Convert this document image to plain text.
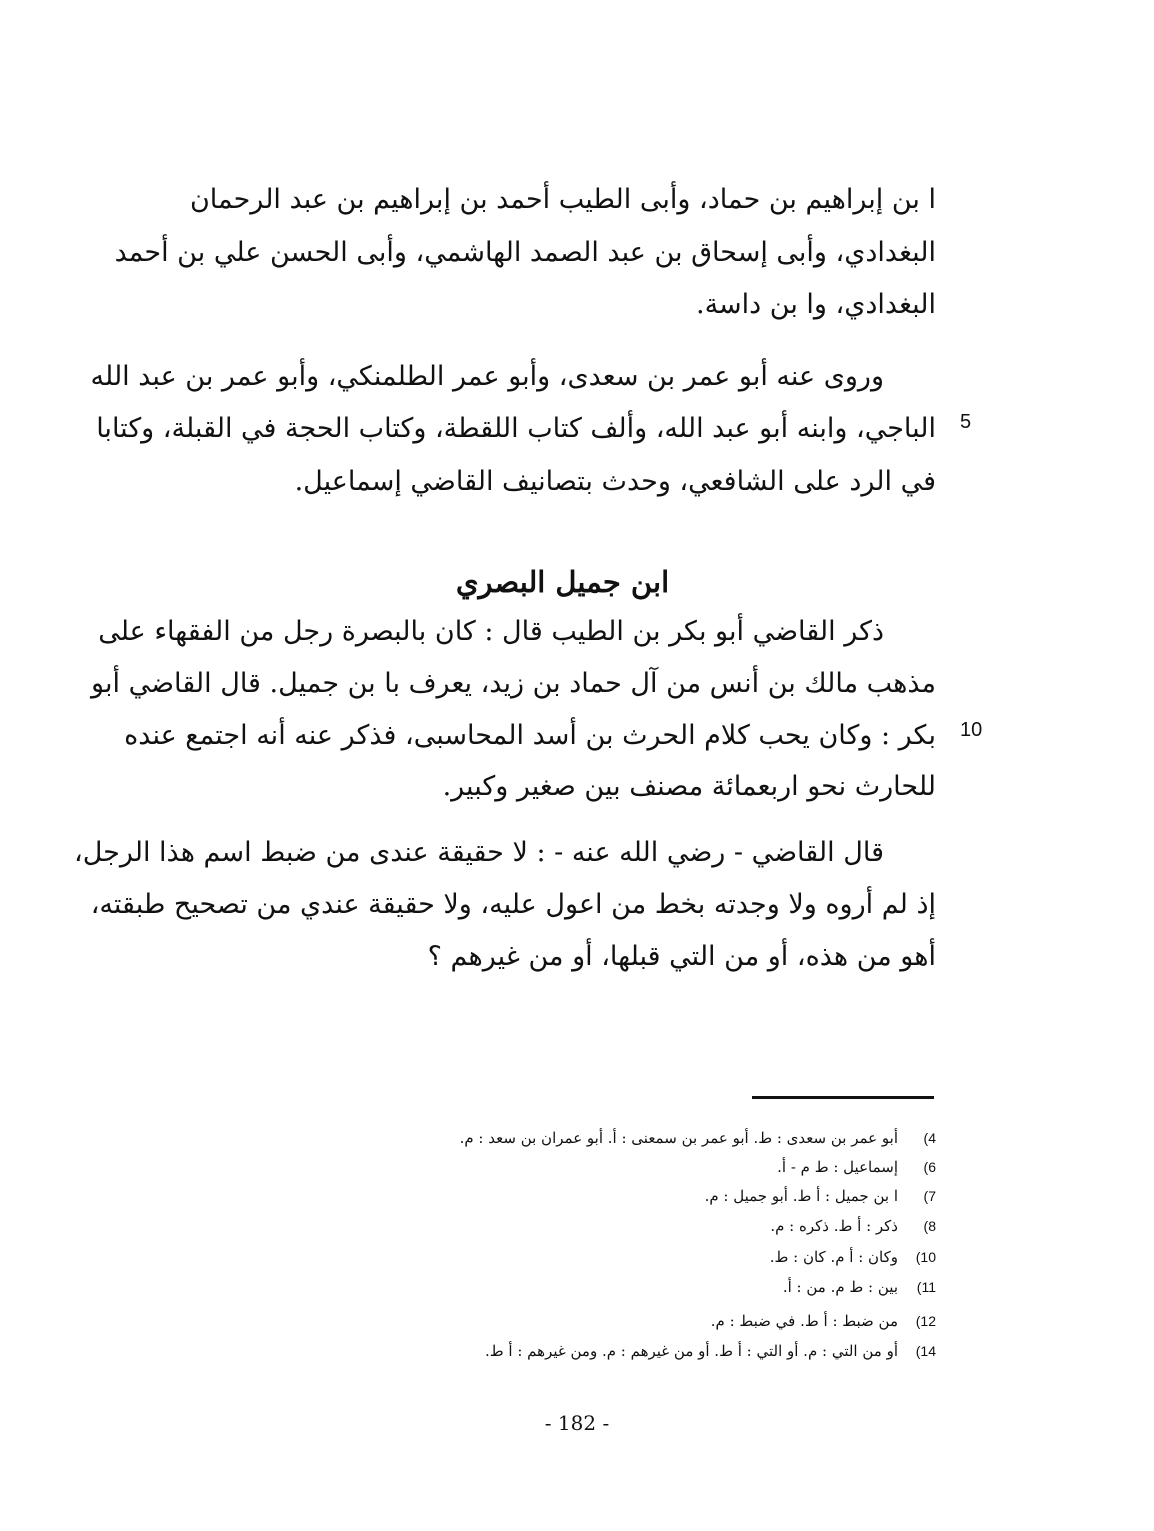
ا بن إبراهيم بن حماد، وأبى الطيب أحمد بن إبراهيم بن عبد الرحمان
البغدادي، وأبى إسحاق بن عبد الصمد الهاشمي، وأبى الحسن علي بن أحمد
البغدادي، وا بن داسة.
وروى عنه أبو عمر بن سعدى، وأبو عمر الطلمنكي، وأبو عمر بن عبد الله
الباجي، وابنه أبو عبد الله، وألف كتاب اللقطة، وكتاب الحجة في القبلة، وكتابا
في الرد على الشافعي، وحدث بتصانيف القاضي إسماعيل.
5
ابن جميل البصري
ذكر القاضي أبو بكر بن الطيب قال : كان بالبصرة رجل من الفقهاء على
مذهب مالك بن أنس من آل حماد بن زيد، يعرف با بن جميل. قال القاضي أبو
بكر : وكان يحب كلام الحرث بن أسد المحاسبى، فذكر عنه أنه اجتمع عنده
للحارث نحو اربعمائة مصنف بين صغير وكبير.
10
قال القاضي - رضي الله عنه - : لا حقيقة عندى من ضبط اسم هذا الرجل،
إذ لم أروه ولا وجدته بخط من اعول عليه، ولا حقيقة عندي من تصحيح طبقته،
أهو من هذه، أو من التي قبلها، أو من غيرهم ؟
4)أبو عمر بن سعدى : ط. أبو عمر بن سمعنى : أ. أبو عمران بن سعد : م.
6)إسماعيل : ط م - أ.
7)ا بن جميل : أ ط. أبو جميل : م.
8)ذكر : أ ط. ذكره : م.
10)وكان : أ م. كان : ط.
11)بين : ط م. من : أ.
12)من ضبط : أ ط. في ضبط : م.
14)أو من التي : م. أو التي : أ ط. أو من غيرهم : م. ومن غيرهم : أ ط.
- 182 -
